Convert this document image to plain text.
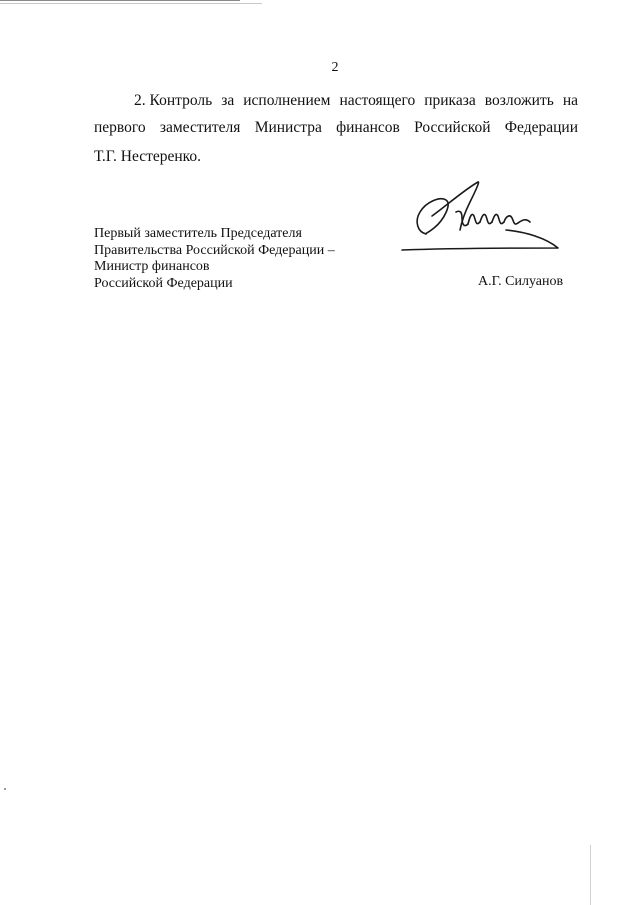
2
2. Контроль за исполнением настоящего приказа возложить на
первого заместителя Министра финансов Российской Федерации
Т.Г. Нестеренко.
Первый заместитель Председателя
Правительства Российской Федерации –
Министр финансов
Российской Федерации	А.Г. Силуанов
